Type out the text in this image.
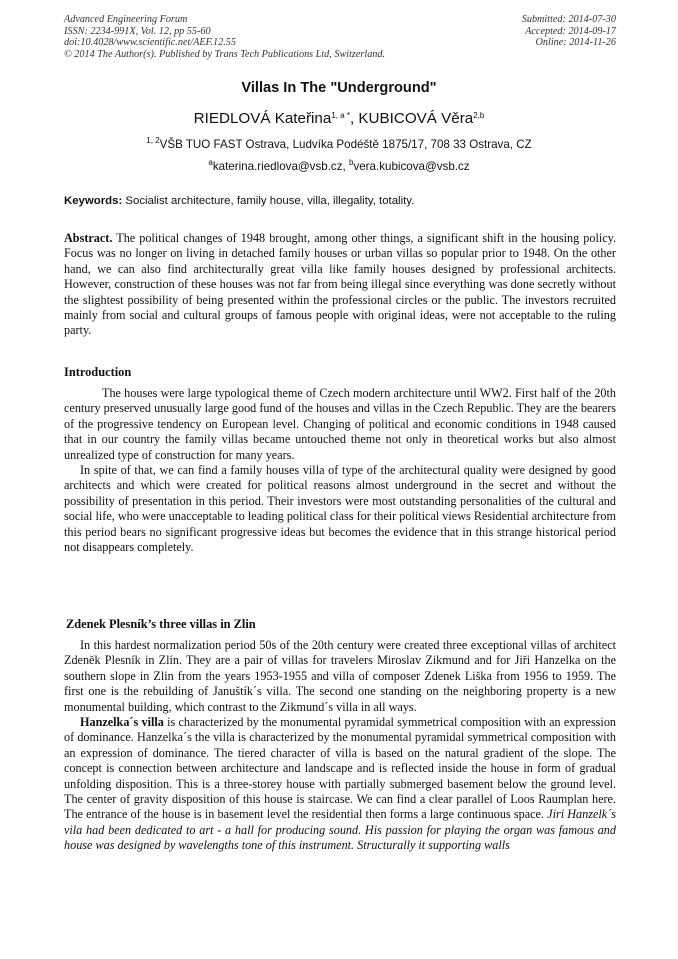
Advanced Engineering Forum
ISSN: 2234-991X, Vol. 12, pp 55-60
doi:10.4028/www.scientific.net/AEF.12.55
© 2014 The Author(s). Published by Trans Tech Publications Ltd, Switzerland.
Submitted: 2014-07-30
Accepted: 2014-09-17
Online: 2014-11-26
Villas In The "Underground"
RIEDLOVÁ Kateřina$^{1, a *}$, KUBICOVÁ Věra$^{2,b}$
$^{1, 2}$VŠB TUO FAST Ostrava, Ludvíka Podéště 1875/17, 708 33 Ostrava, CZ
$^a$katerina.riedlova@vsb.cz, $^b$vera.kubicova@vsb.cz
Keywords: Socialist architecture, family house, villa, illegality, totality.
Abstract. The political changes of 1948 brought, among other things, a significant shift in the housing policy. Focus was no longer on living in detached family houses or urban villas so popular prior to 1948. On the other hand, we can also find architecturally great villa like family houses designed by professional architects. However, construction of these houses was not far from being illegal since everything was done secretly without the slightest possibility of being presented within the professional circles or the public. The investors recruited mainly from social and cultural groups of famous people with original ideas, were not acceptable to the ruling party.
Introduction

The houses were large typological theme of Czech modern architecture until WW2. First half of the 20th century preserved unusually large good fund of the houses and villas in the Czech Republic. They are the bearers of the progressive tendency on European level. Changing of political and economic conditions in 1948 caused that in our country the family villas became untouched theme not only in theoretical works but also almost unrealized type of construction for many years.

In spite of that, we can find a family houses villa of type of the architectural quality were designed by good architects and which were created for political reasons almost underground in the secret and without the possibility of presentation in this period. Their investors were most outstanding personalities of the cultural and social life, who were unacceptable to leading political class for their political views Residential architecture from this period bears no significant progressive ideas but becomes the evidence that in this strange historical period not disappears completely.

Zdenek Plesník’s three villas in Zlin

In this hardest normalization period 50s of the 20th century were created three exceptional villas of architect Zdeněk Plesník in Zlín. They are a pair of villas for travelers Miroslav Zikmund and for Jiři Hanzelka on the southern slope in Zlin from the years 1953-1955 and villa of composer Zdenek Liška from 1956 to 1959. The first one is the rebuilding of Januštík´s villa. The second one standing on the neighboring property is a new monumental building, which contrast to the Zikmund´s villa in all ways.

Hanzelka´s villa is characterized by the monumental pyramidal symmetrical composition with an expression of dominance. Hanzelka´s the villa is characterized by the monumental pyramidal symmetrical composition with an expression of dominance. The tiered character of villa is based on the natural gradient of the slope. The concept is connection between architecture and landscape and is reflected inside the house in form of gradual unfolding disposition. This is a three-storey house with partially submerged basement below the ground level. The center of gravity disposition of this house is staircase. We can find a clear parallel of Loos Raumplan here. The entrance of the house is in basement level the residential then forms a large continuous space. Jiri Hanzelk´s vila had been dedicated to art - a hall for producing sound. His passion for playing the organ was famous and house was designed by wavelengths tone of this instrument. Structurally it supporting walls
